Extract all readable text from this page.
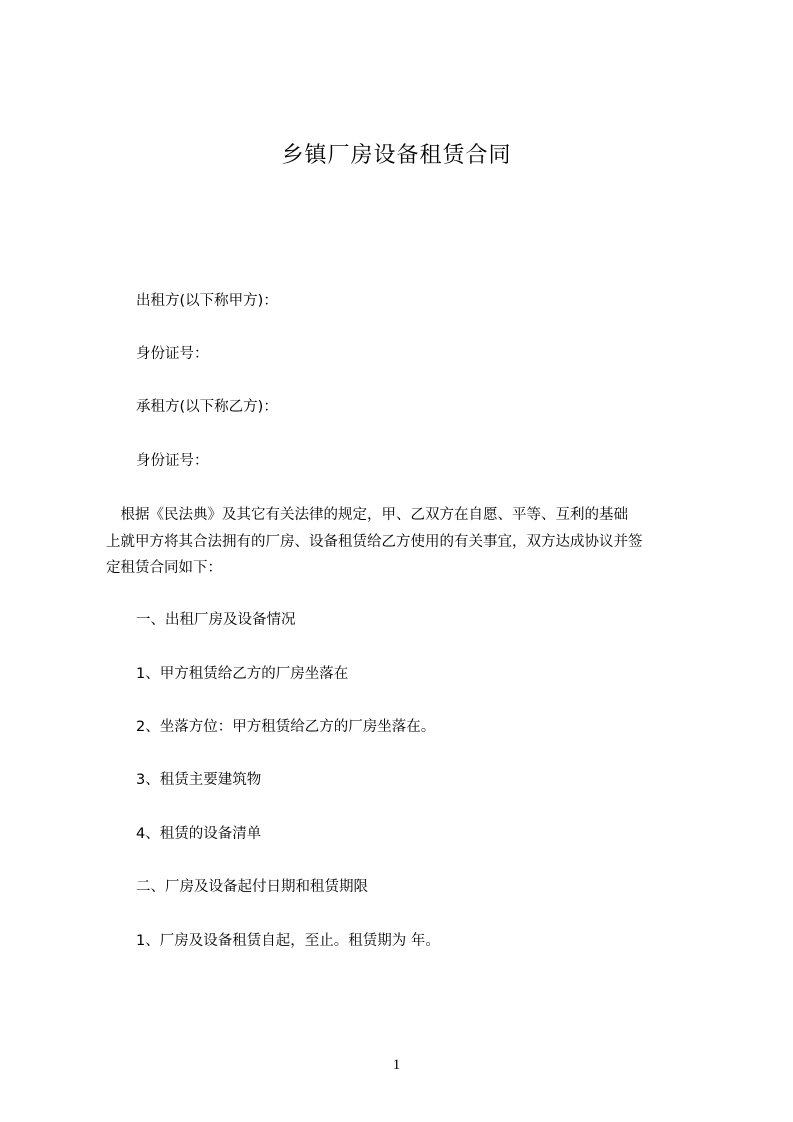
乡镇厂房设备租赁合同
出租方(以下称甲方)：
身份证号：
承租方(以下称乙方)：
身份证号：
　根据《民法典》及其它有关法律的规定，甲、乙双方在自愿、平等、互利的基础
上就甲方将其合法拥有的厂房、设备租赁给乙方使用的有关事宜，双方达成协议并签
定租赁合同如下：
一、出租厂房及设备情况
1、甲方租赁给乙方的厂房坐落在
2、坐落方位：甲方租赁给乙方的厂房坐落在。
3、租赁主要建筑物
4、租赁的设备清单
二、厂房及设备起付日期和租赁期限
1、厂房及设备租赁自起，至止。租赁期为 年。
1
